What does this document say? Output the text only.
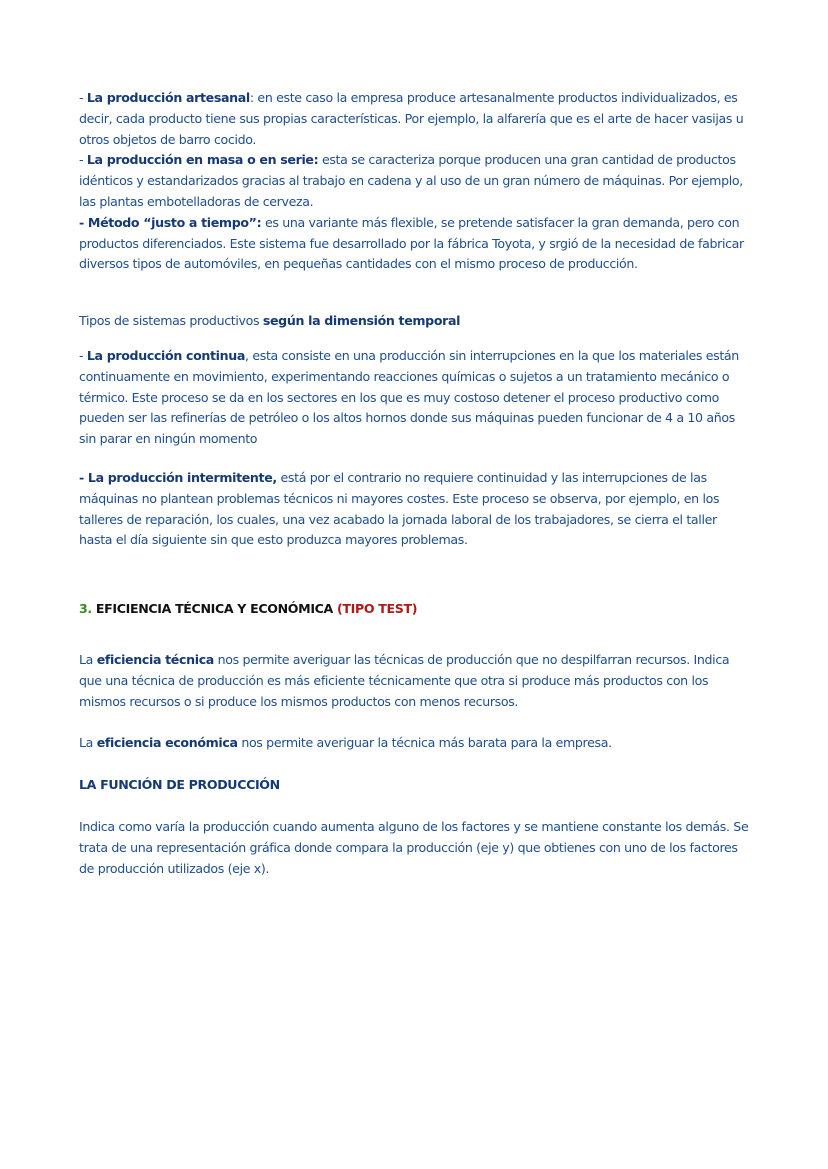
- La producción artesanal: en este caso la empresa produce artesanalmente productos individualizados, es decir, cada producto tiene sus propias características. Por ejemplo, la alfarería que es el arte de hacer vasijas u otros objetos de barro cocido.

- La producción en masa o en serie: esta se caracteriza porque producen una gran cantidad de productos idénticos y estandarizados gracias al trabajo en cadena y al uso de un gran número de máquinas. Por ejemplo, las plantas embotelladoras de cerveza.

- Método “justo a tiempo”: es una variante más flexible, se pretende satisfacer la gran demanda, pero con productos diferenciados. Este sistema fue desarrollado por la fábrica Toyota, y srgió de la necesidad de fabricar diversos tipos de automóviles, en pequeñas cantidades con el mismo proceso de producción.

Tipos de sistemas productivos según la dimensión temporal

- La producción continua, esta consiste en una producción sin interrupciones en la que los materiales están continuamente en movimiento, experimentando reacciones químicas o sujetos a un tratamiento mecánico o térmico. Este proceso se da en los sectores en los que es muy costoso detener el proceso productivo como pueden ser las refinerías de petróleo o los altos hornos donde sus máquinas pueden funcionar de 4 a 10 años sin parar en ningún momento

- La producción intermitente, está por el contrario no requiere continuidad y las interrupciones de las máquinas no plantean problemas técnicos ni mayores costes. Este proceso se observa, por ejemplo, en los talleres de reparación, los cuales, una vez acabado la jornada laboral de los trabajadores, se cierra el taller hasta el día siguiente sin que esto produzca mayores problemas.

3. EFICIENCIA TÉCNICA Y ECONÓMICA (TIPO TEST)

La eficiencia técnica nos permite averiguar las técnicas de producción que no despilfarran recursos. Indica que una técnica de producción es más eficiente técnicamente que otra si produce más productos con los mismos recursos o si produce los mismos productos con menos recursos.

La eficiencia económica nos permite averiguar la técnica más barata para la empresa.

LA FUNCIÓN DE PRODUCCIÓN

Indica como varía la producción cuando aumenta alguno de los factores y se mantiene constante los demás. Se trata de una representación gráfica donde compara la producción (eje y) que obtienes con uno de los factores de producción utilizados (eje x).
